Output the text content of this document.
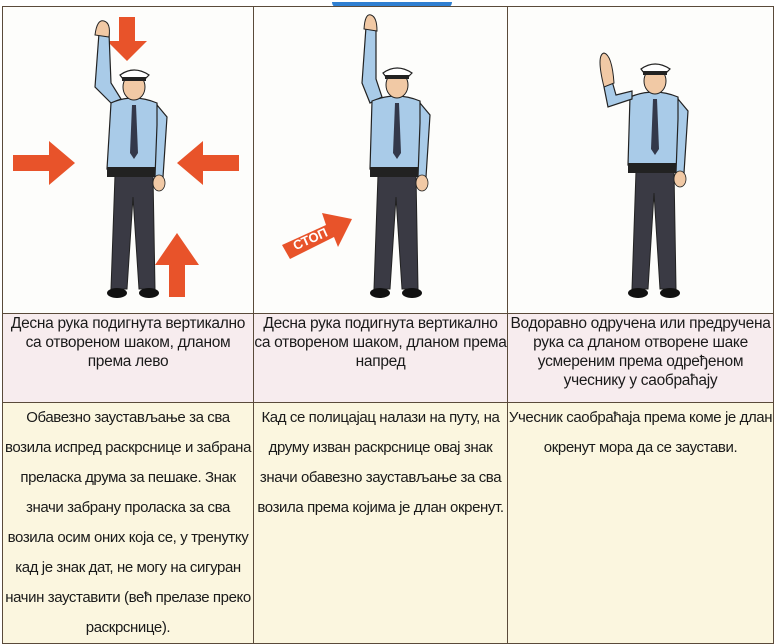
СТОП

Десна рука подигнута вертикално са отвореном шаком, дланом према лево	Десна рука подигнута вертикално са отвореном шаком, дланом према напред	Водоравно одручена или предручена рука са дланом отворене шаке усмереним према одређеном учеснику у саобраћају
Обавезно заустављање за сва возила испред раскрснице и забрана преласка друма за пешаке. Знак значи забрану проласка за сва возила осим оних која се, у тренутку кад је знак дат, не могу на сигуран начин зауставити (већ прелазе преко раскрснице).	Кад се полицајац налази на путу, на друму изван раскрснице овај знак значи обавезно заустављање за сва возила према којима је длан окренут.	Учесник саобраћаја према коме је длан окренут мора да се заустави.
